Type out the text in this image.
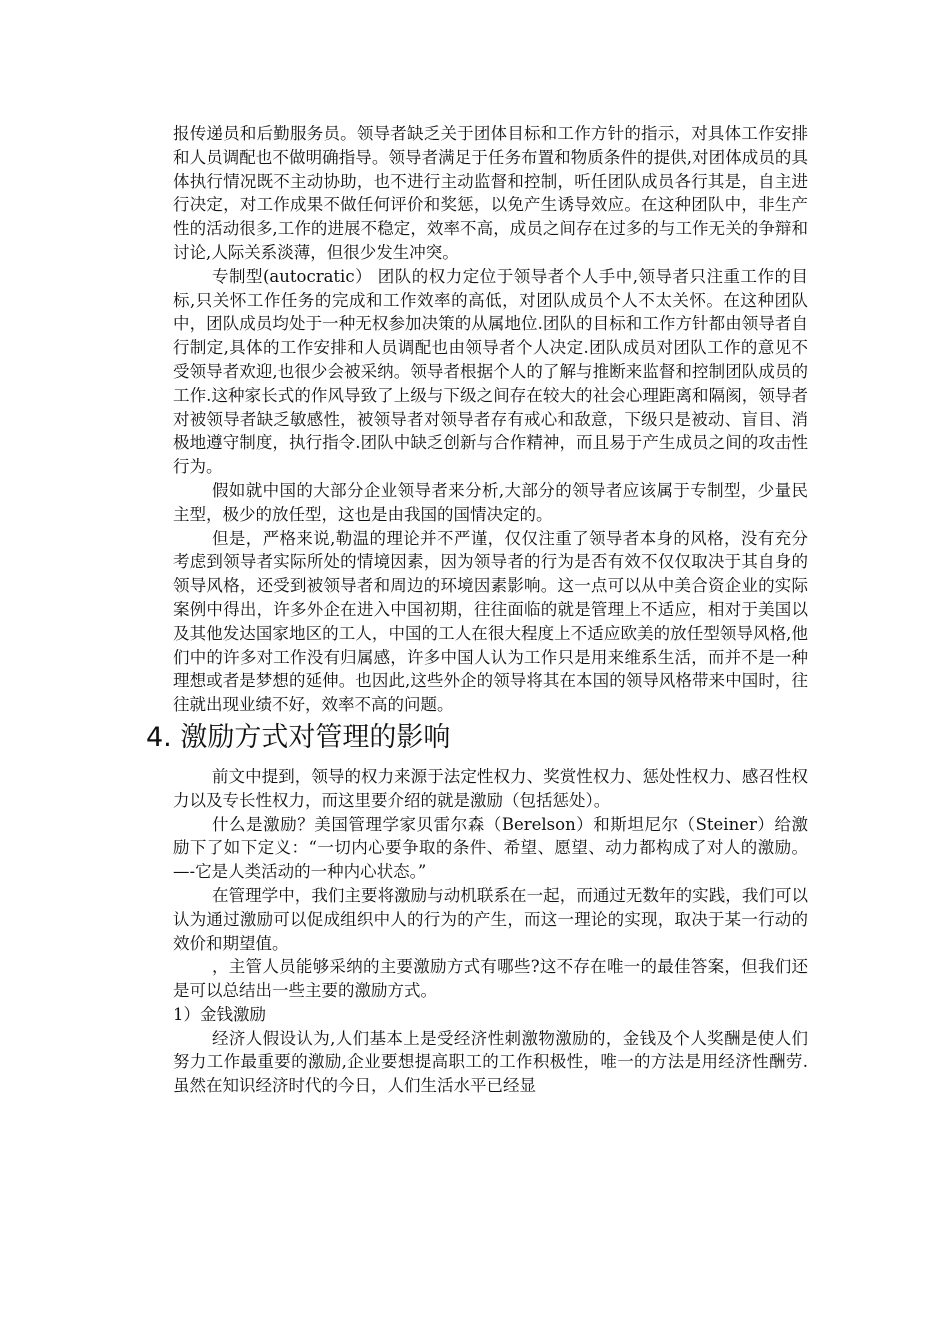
报传递员和后勤服务员。领导者缺乏关于团体目标和工作方针的指示，对具体工作安排和人员调配也不做明确指导。领导者满足于任务布置和物质条件的提供,对团体成员的具体执行情况既不主动协助，也不进行主动监督和控制，听任团队成员各行其是，自主进行决定，对工作成果不做任何评价和奖惩，以免产生诱导效应。在这种团队中，非生产性的活动很多,工作的进展不稳定，效率不高，成员之间存在过多的与工作无关的争辩和讨论,人际关系淡薄，但很少发生冲突。

专制型(autocratic） 团队的权力定位于领导者个人手中,领导者只注重工作的目标,只关怀工作任务的完成和工作效率的高低，对团队成员个人不太关怀。在这种团队中，团队成员均处于一种无权参加决策的从属地位.团队的目标和工作方针都由领导者自行制定,具体的工作安排和人员调配也由领导者个人决定.团队成员对团队工作的意见不受领导者欢迎,也很少会被采纳。领导者根据个人的了解与推断来监督和控制团队成员的工作.这种家长式的作风导致了上级与下级之间存在较大的社会心理距离和隔阂，领导者对被领导者缺乏敏感性，被领导者对领导者存有戒心和敌意，下级只是被动、盲目、消极地遵守制度，执行指令.团队中缺乏创新与合作精神，而且易于产生成员之间的攻击性行为。

假如就中国的大部分企业领导者来分析,大部分的领导者应该属于专制型，少量民主型，极少的放任型，这也是由我国的国情决定的。

但是，严格来说,勒温的理论并不严谨，仅仅注重了领导者本身的风格，没有充分考虑到领导者实际所处的情境因素，因为领导者的行为是否有效不仅仅取决于其自身的领导风格，还受到被领导者和周边的环境因素影响。这一点可以从中美合资企业的实际案例中得出，许多外企在进入中国初期，往往面临的就是管理上不适应，相对于美国以及其他发达国家地区的工人，中国的工人在很大程度上不适应欧美的放任型领导风格,他们中的许多对工作没有归属感，许多中国人认为工作只是用来维系生活，而并不是一种理想或者是梦想的延伸。也因此,这些外企的领导将其在本国的领导风格带来中国时，往往就出现业绩不好，效率不高的问题。

4. 激励方式对管理的影响

前文中提到，领导的权力来源于法定性权力、奖赏性权力、惩处性权力、感召性权力以及专长性权力，而这里要介绍的就是激励（包括惩处）。

什么是激励？美国管理学家贝雷尔森（Berelson）和斯坦尼尔（Steiner）给激励下了如下定义：“一切内心要争取的条件、希望、愿望、动力都构成了对人的激励。—-它是人类活动的一种内心状态。”

在管理学中，我们主要将激励与动机联系在一起，而通过无数年的实践，我们可以认为通过激励可以促成组织中人的行为的产生，而这一理论的实现，取决于某一行动的效价和期望值。

，主管人员能够采纳的主要激励方式有哪些?这不存在唯一的最佳答案，但我们还是可以总结出一些主要的激励方式。

1）金钱激励

经济人假设认为,人们基本上是受经济性刺激物激励的，金钱及个人奖酬是使人们努力工作最重要的激励,企业要想提高职工的工作积极性，唯一的方法是用经济性酬劳.虽然在知识经济时代的今日，人们生活水平已经显
